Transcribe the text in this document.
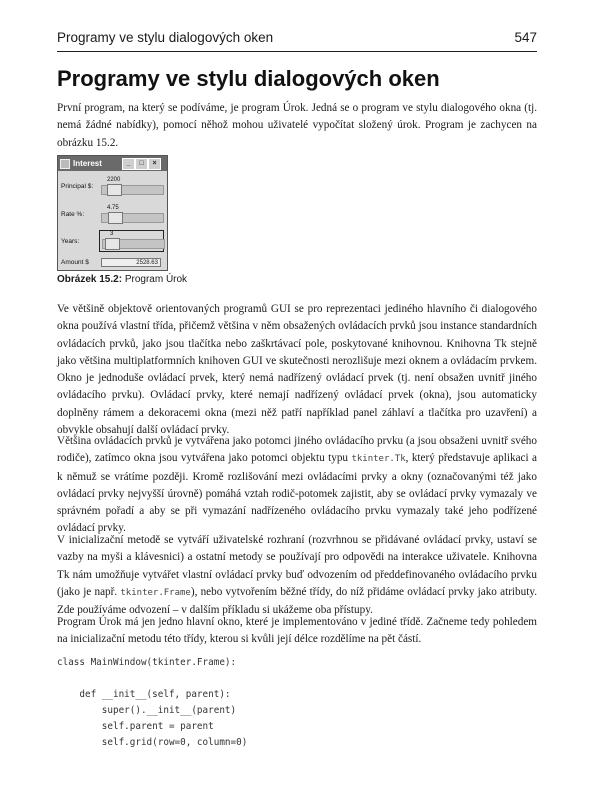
Programy ve stylu dialogových oken	547
Programy ve stylu dialogových oken

První program, na který se podíváme, je program Úrok. Jedná se o program ve stylu dialogového okna (tj. nemá žádné nabídky), pomocí něhož mohou uživatelé vypočítat složený úrok. Program je zachycen na obrázku 15.2.

Interest	_	□	×
Principal $:
2200
Rate %:
4.75
Years:
3
Amount $	2528.63
Obrázek 15.2: Program Úrok

Ve většině objektově orientovaných programů GUI se pro reprezentaci jediného hlavního či dialogového okna používá vlastní třída, přičemž většina v něm obsažených ovládacích prvků jsou instance standardních ovládacích prvků, jako jsou tlačítka nebo zaškrtávací pole, poskytované knihovnou. Knihovna Tk stejně jako většina multiplatformních knihoven GUI ve skutečnosti nerozlišuje mezi oknem a ovládacím prvkem. Okno je jednoduše ovládací prvek, který nemá nadřízený ovládací prvek (tj. není obsažen uvnitř jiného ovládacího prvku). Ovládací prvky, které nemají nadřízený ovládací prvek (okna), jsou automaticky doplněny rámem a dekoracemi okna (mezi něž patří například panel záhlaví a tlačítka pro uzavření) a obvykle obsahují další ovládací prvky.

Většina ovládacích prvků je vytvářena jako potomci jiného ovládacího prvku (a jsou obsaženi uvnitř svého rodiče), zatímco okna jsou vytvářena jako potomci objektu typu tkinter.Tk, který představuje aplikaci a k němuž se vrátíme později. Kromě rozlišování mezi ovládacími prvky a okny (označovanými též jako ovládací prvky nejvyšší úrovně) pomáhá vztah rodič-potomek zajistit, aby se ovládací prvky vymazaly ve správném pořadí a aby se při vymazání nadřízeného ovládacího prvku vymazaly také jeho podřízené ovládací prvky.

V inicializační metodě se vytváří uživatelské rozhraní (rozvrhnou se přidávané ovládací prvky, ustaví se vazby na myši a klávesnici) a ostatní metody se používají pro odpovědi na interakce uživatele. Knihovna Tk nám umožňuje vytvářet vlastní ovládací prvky buď odvozením od předdefinovaného ovládacího prvku (jako je např. tkinter.Frame), nebo vytvořením běžné třídy, do níž přidáme ovládací prvky jako atributy. Zde používáme odvození – v dalším příkladu si ukážeme oba přístupy.

Program Úrok má jen jedno hlavní okno, které je implementováno v jediné třídě. Začneme tedy pohledem na inicializační metodu této třídy, kterou si kvůli její délce rozdělíme na pět částí.

class MainWindow(tkinter.Frame):

def __init__(self, parent):
super().__init__(parent)
self.parent = parent
self.grid(row=0, column=0)
